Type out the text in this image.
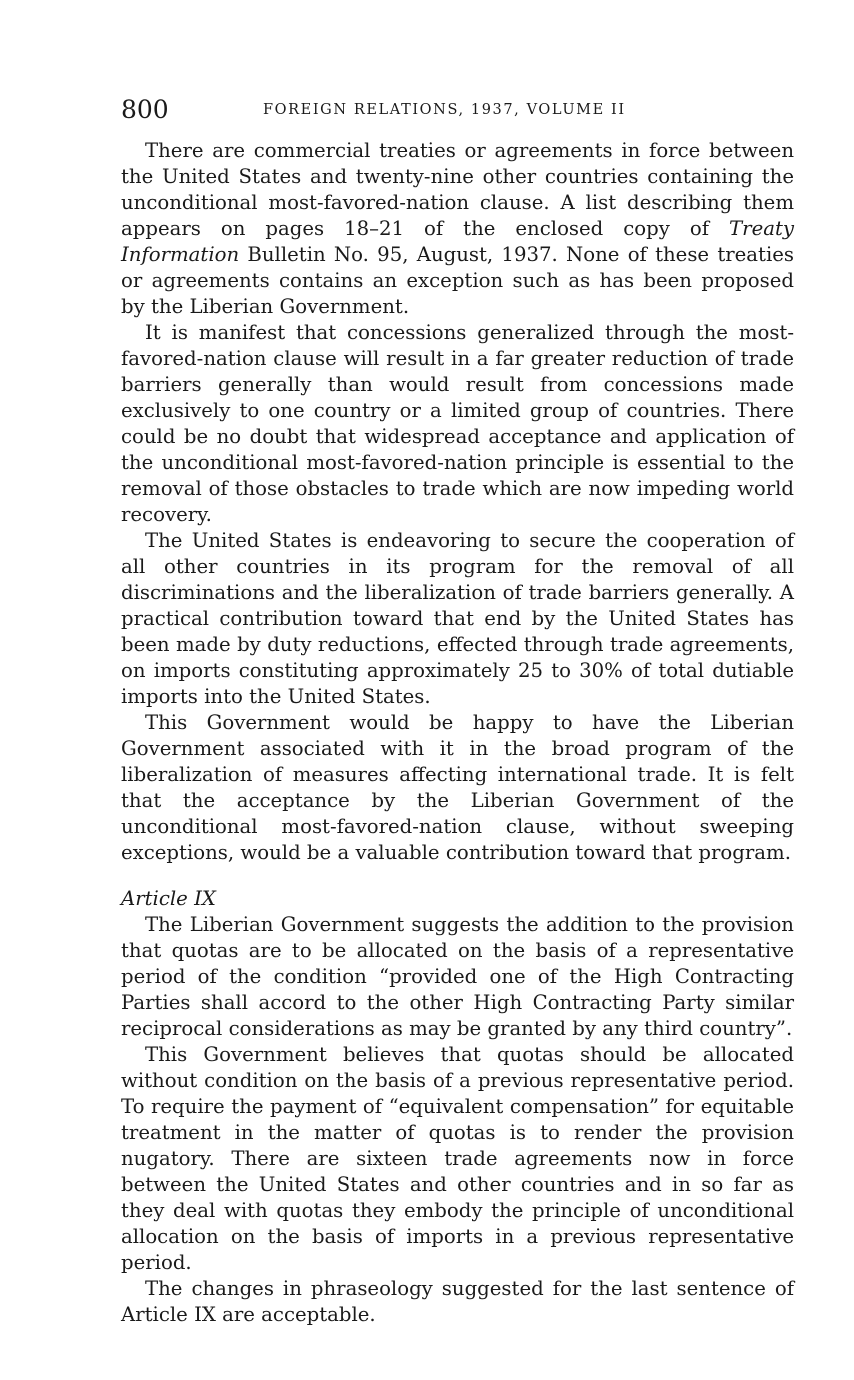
800	FOREIGN RELATIONS, 1937, VOLUME II

There are commercial treaties or agreements in force between the United States and twenty-nine other countries containing the unconditional most-favored-nation clause. A list describing them appears on pages 18–21 of the enclosed copy of Treaty Information Bulletin No. 95, August, 1937. None of these treaties or agreements contains an exception such as has been proposed by the Liberian Government.

It is manifest that concessions generalized through the most-favored-nation clause will result in a far greater reduction of trade barriers generally than would result from concessions made exclusively to one country or a limited group of countries. There could be no doubt that widespread acceptance and application of the unconditional most-favored-nation principle is essential to the removal of those obstacles to trade which are now impeding world recovery.

The United States is endeavoring to secure the cooperation of all other countries in its program for the removal of all discriminations and the liberalization of trade barriers generally. A practical contribution toward that end by the United States has been made by duty reductions, effected through trade agreements, on imports constituting approximately 25 to 30% of total dutiable imports into the United States.

This Government would be happy to have the Liberian Government associated with it in the broad program of the liberalization of measures affecting international trade. It is felt that the acceptance by the Liberian Government of the unconditional most-favored-nation clause, without sweeping exceptions, would be a valuable contribution toward that program.

Article IX

The Liberian Government suggests the addition to the provision that quotas are to be allocated on the basis of a representative period of the condition “provided one of the High Contracting Parties shall accord to the other High Contracting Party similar reciprocal considerations as may be granted by any third country”.

This Government believes that quotas should be allocated without condition on the basis of a previous representative period. To require the payment of “equivalent compensation” for equitable treatment in the matter of quotas is to render the provision nugatory. There are sixteen trade agreements now in force between the United States and other countries and in so far as they deal with quotas they embody the principle of unconditional allocation on the basis of imports in a previous representative period.

The changes in phraseology suggested for the last sentence of Article IX are acceptable.
